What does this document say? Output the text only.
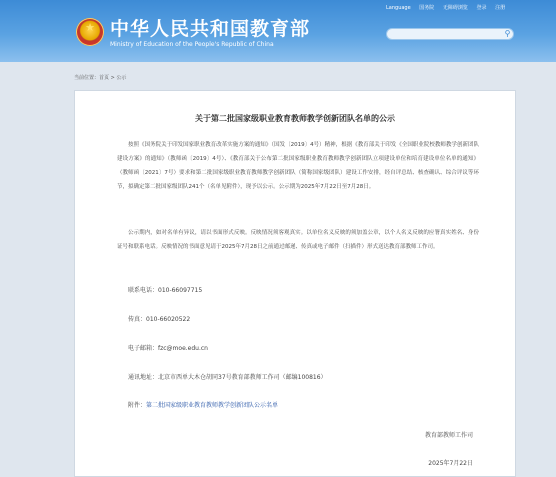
★
中华人民共和国教育部
Ministry of Education of the People's Republic of China
Language 国务院 无障碍浏览 登录 注册
⚲
当前位置：首页 > 公示
关于第二批国家级职业教育教师教学创新团队名单的公示

按照《国务院关于印发国家职业教育改革实施方案的通知》（国发〔2019〕4号）精神，根据《教育部关于印发《全国职业院校教师教学创新团队建设方案》的通知》（教师函〔2019〕4号）、《教育部关于公布第二批国家级职业教育教师教学创新团队立项建设单位和培育建设单位名单的通知》（教师函〔2021〕7号）要求和第二批国家级职业教育教师教学创新团队（简称国家级团队）建设工作安排，经自评总结、核查确认、综合评议等环节，拟确定第二批国家级团队241个（名单见附件），现予以公示。公示期为2025年7月22日至7月28日。

公示期内，如对名单有异议，请以书面形式反映。反映情况须客观真实。以单位名义反映的须加盖公章，以个人名义反映的应署真实姓名、身份证号和联系电话。反映情况的书面意见请于2025年7月28日之前通过邮递、传真或电子邮件（扫描件）形式送达教育部教师工作司。

联系电话：010-66097715
传真：010-66020522
电子邮箱：fzc@moe.edu.cn
通讯地址：北京市西单大木仓胡同37号教育部教师工作司（邮编100816）
附件：第二批国家级职业教育教师教学创新团队公示名单
教育部教师工作司
2025年7月22日
